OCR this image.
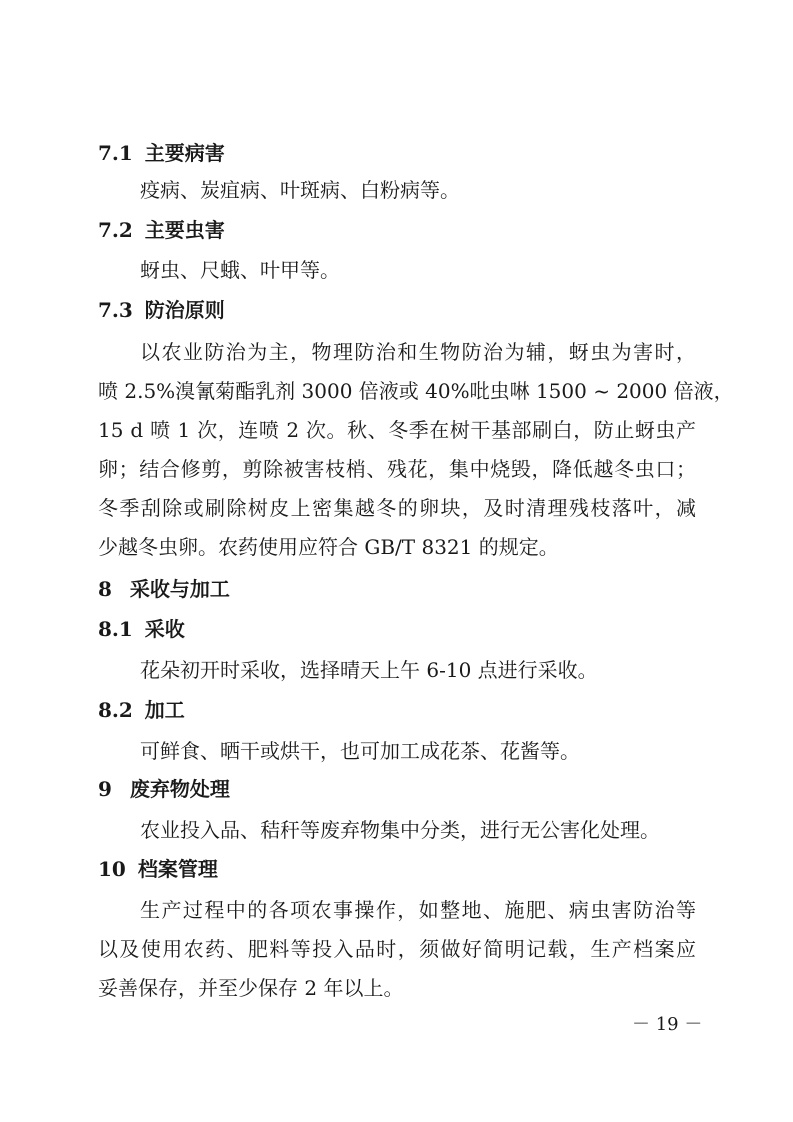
7.1 主要病害

疫病、炭疽病、叶斑病、白粉病等。

7.2 主要虫害

蚜虫、尺蛾、叶甲等。

7.3 防治原则
以农业防治为主，物理防治和生物防治为辅，蚜虫为害时，
喷 2.5%溴氰菊酯乳剂 3000 倍液或 40%吡虫啉 1500 ~ 2000 倍液，
15 d 喷 1 次，连喷 2 次。秋、冬季在树干基部刷白，防止蚜虫产
卵；结合修剪，剪除被害枝梢、残花，集中烧毁，降低越冬虫口；
冬季刮除或刷除树皮上密集越冬的卵块，及时清理残枝落叶，减
少越冬虫卵。农药使用应符合 GB/T 8321 的规定。
8 采收与加工
8.1 采收

花朵初开时采收，选择晴天上午 6-10 点进行采收。

8.2 加工

可鲜食、晒干或烘干，也可加工成花茶、花酱等。

9 废弃物处理

农业投入品、秸秆等废弃物集中分类，进行无公害化处理。

10 档案管理
生产过程中的各项农事操作，如整地、施肥、病虫害防治等
以及使用农药、肥料等投入品时，须做好简明记载，生产档案应
妥善保存，并至少保存 2 年以上。
－ 19 －
